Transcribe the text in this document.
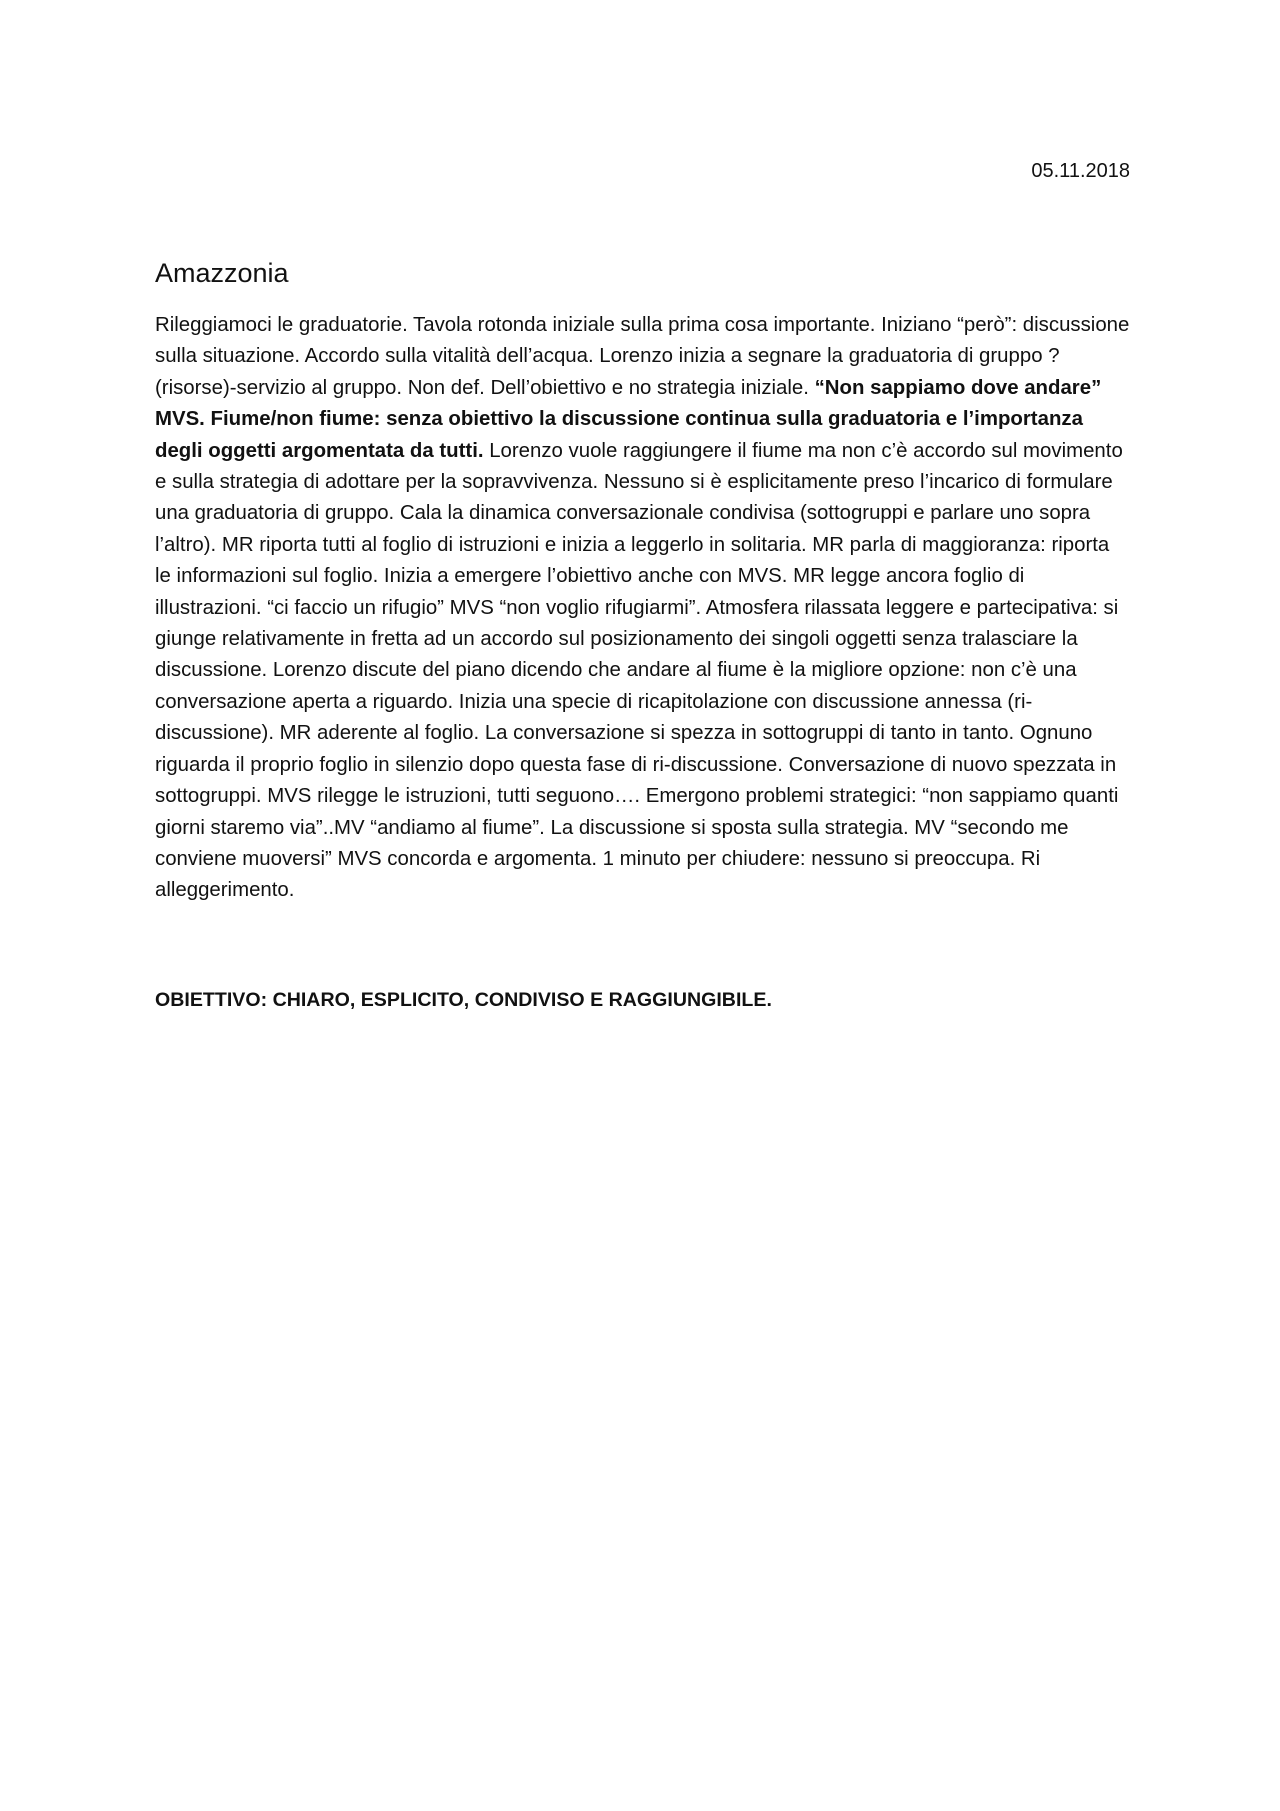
05.11.2018
Amazzonia

Rileggiamoci le graduatorie. Tavola rotonda iniziale sulla prima cosa importante. Iniziano “però”: discussione sulla situazione. Accordo sulla vitalità dell’acqua. Lorenzo inizia a segnare la graduatoria di gruppo ? (risorse)-servizio al gruppo. Non def. Dell’obiettivo e no strategia iniziale. “Non sappiamo dove andare” MVS. Fiume/non fiume: senza obiettivo la discussione continua sulla graduatoria e l’importanza degli oggetti argomentata da tutti. Lorenzo vuole raggiungere il fiume ma non c’è accordo sul movimento e sulla strategia di adottare per la sopravvivenza. Nessuno si è esplicitamente preso l’incarico di formulare una graduatoria di gruppo. Cala la dinamica conversazionale condivisa (sottogruppi e parlare uno sopra l’altro). MR riporta tutti al foglio di istruzioni e inizia a leggerlo in solitaria. MR parla di maggioranza: riporta le informazioni sul foglio. Inizia a emergere l’obiettivo anche con MVS. MR legge ancora foglio di illustrazioni. “ci faccio un rifugio” MVS “non voglio rifugiarmi”. Atmosfera rilassata leggere e partecipativa: si giunge relativamente in fretta ad un accordo sul posizionamento dei singoli oggetti senza tralasciare la discussione. Lorenzo discute del piano dicendo che andare al fiume è la migliore opzione: non c’è una conversazione aperta a riguardo. Inizia una specie di ricapitolazione con discussione annessa (ri-discussione). MR aderente al foglio. La conversazione si spezza in sottogruppi di tanto in tanto. Ognuno riguarda il proprio foglio in silenzio dopo questa fase di ri-discussione. Conversazione di nuovo spezzata in sottogruppi. MVS rilegge le istruzioni, tutti seguono…. Emergono problemi strategici: “non sappiamo quanti giorni staremo via”..MV “andiamo al fiume”. La discussione si sposta sulla strategia. MV “secondo me conviene muoversi” MVS concorda e argomenta. 1 minuto per chiudere: nessuno si preoccupa. Ri alleggerimento.

OBIETTIVO: CHIARO, ESPLICITO, CONDIVISO E RAGGIUNGIBILE.
